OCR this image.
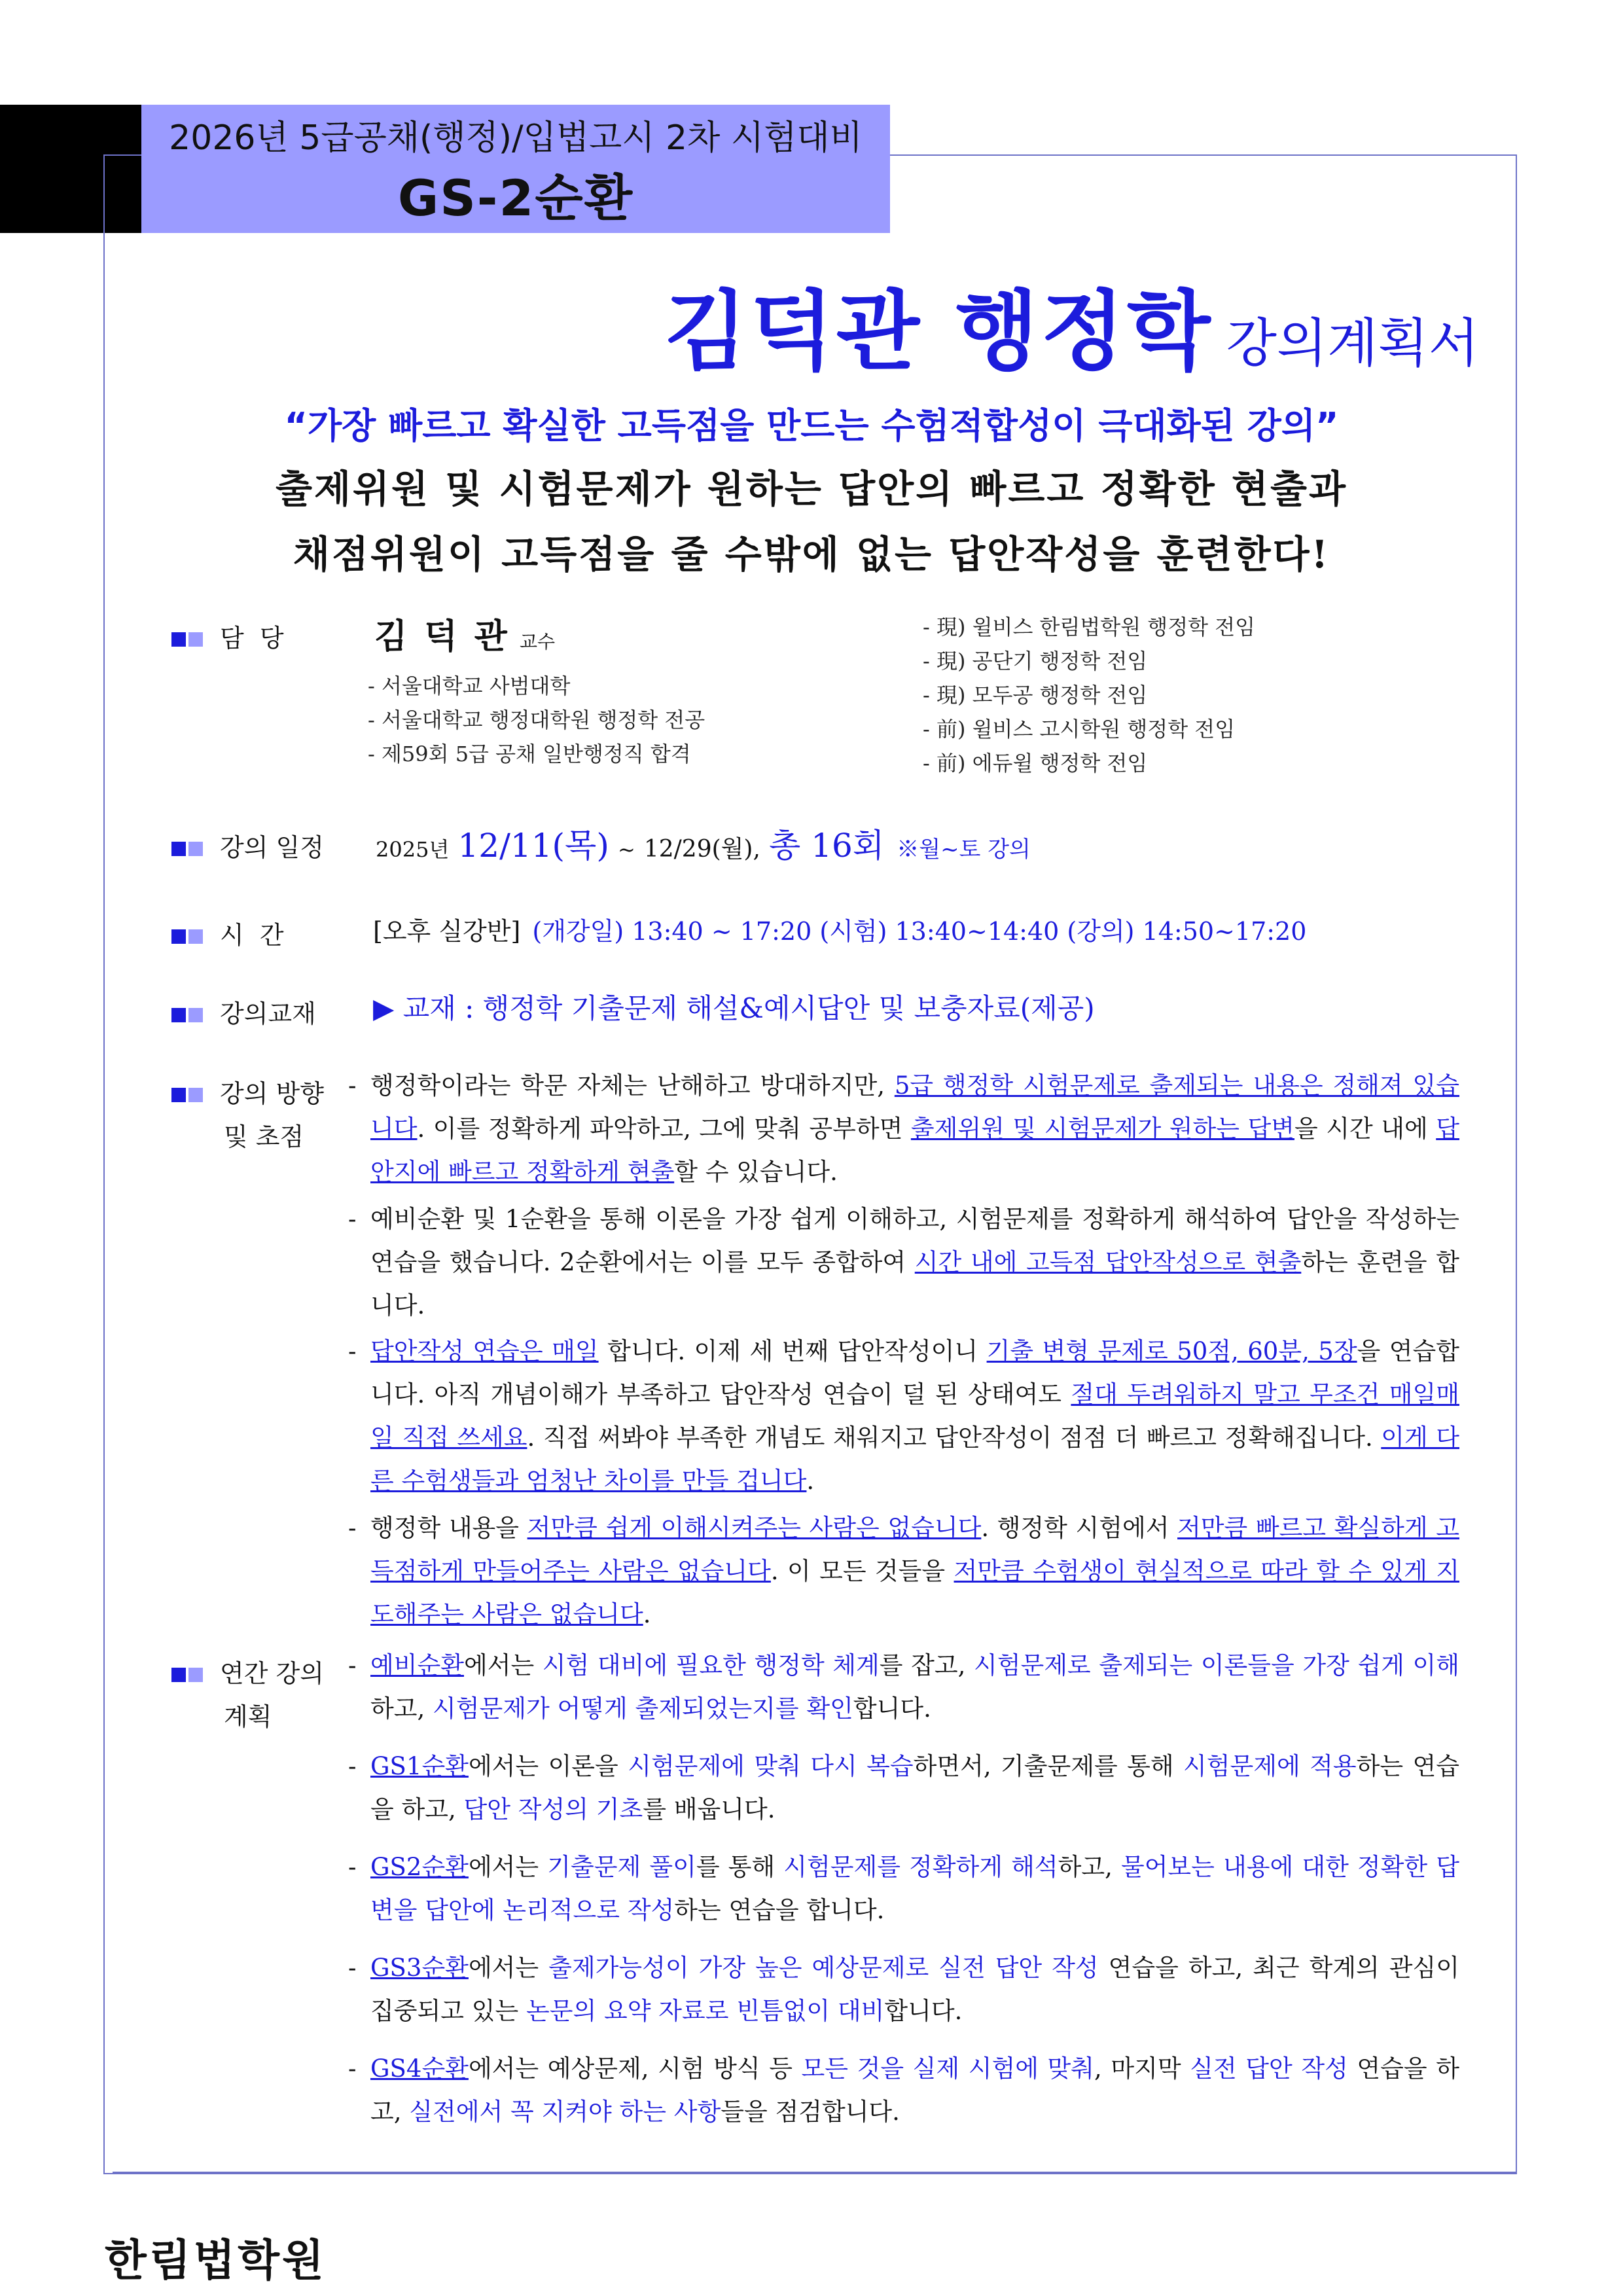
2026년 5급공채(행정)/입법고시 2차 시험대비
GS-2순환
김덕관 행정학 강의계획서
“가장 빠르고 확실한 고득점을 만드는 수험적합성이 극대화된 강의”
출제위원 및 시험문제가 원하는 답안의 빠르고 정확한 현출과
채점위원이 고득점을 줄 수밖에 없는 답안작성을 훈련한다!
담  당	김 덕 관 교수
- 서울대학교 사범대학
- 서울대학교 행정대학원 행정학 전공
- 제59회 5급 공채 일반행정직 합격
- 現) 윌비스 한림법학원 행정학 전임
- 現) 공단기 행정학 전임
- 現) 모두공 행정학 전임
- 前) 윌비스 고시학원 행정학 전임
- 前) 에듀윌 행정학 전임
강의 일정 2025년 12/11(목) ~ 12/29(월), 총 16회 ※월~토 강의
시  간	[오후 실강반] (개강일) 13:40 ~ 17:20 (시험) 13:40~14:40 (강의) 14:50~17:20
강의교재 ▶ 교재 : 행정학 기출문제 해설&예시답안 및 보충자료(제공)
강의 방향
및 초점
- 행정학이라는 학문 자체는 난해하고 방대하지만, 5급 행정학 시험문제로 출제되는 내용은 정해져 있습니다. 이를 정확하게 파악하고, 그에 맞춰 공부하면 출제위원 및 시험문제가 원하는 답변을 시간 내에 답안지에 빠르고 정확하게 현출할 수 있습니다.
- 예비순환 및 1순환을 통해 이론을 가장 쉽게 이해하고, 시험문제를 정확하게 해석하여 답안을 작성하는 연습을 했습니다. 2순환에서는 이를 모두 종합하여 시간 내에 고득점 답안작성으로 현출하는 훈련을 합니다.
- 답안작성 연습은 매일 합니다. 이제 세 번째 답안작성이니 기출 변형 문제로 50점, 60분, 5장을 연습합니다. 아직 개념이해가 부족하고 답안작성 연습이 덜 된 상태여도 절대 두려워하지 말고 무조건 매일매일 직접 쓰세요. 직접 써봐야 부족한 개념도 채워지고 답안작성이 점점 더 빠르고 정확해집니다. 이게 다른 수험생들과 엄청난 차이를 만들 겁니다.
- 행정학 내용을 저만큼 쉽게 이해시켜주는 사람은 없습니다. 행정학 시험에서 저만큼 빠르고 확실하게 고득점하게 만들어주는 사람은 없습니다. 이 모든 것들을 저만큼 수험생이 현실적으로 따라 할 수 있게 지도해주는 사람은 없습니다.
연간 강의
계획
- 예비순환에서는 시험 대비에 필요한 행정학 체계를 잡고, 시험문제로 출제되는 이론들을 가장 쉽게 이해하고, 시험문제가 어떻게 출제되었는지를 확인합니다.
- GS1순환에서는 이론을 시험문제에 맞춰 다시 복습하면서, 기출문제를 통해 시험문제에 적용하는 연습을 하고, 답안 작성의 기초를 배웁니다.
- GS2순환에서는 기출문제 풀이를 통해 시험문제를 정확하게 해석하고, 물어보는 내용에 대한 정확한 답변을 답안에 논리적으로 작성하는 연습을 합니다.
- GS3순환에서는 출제가능성이 가장 높은 예상문제로 실전 답안 작성 연습을 하고, 최근 학계의 관심이 집중되고 있는 논문의 요약 자료로 빈틈없이 대비합니다.
- GS4순환에서는 예상문제, 시험 방식 등 모든 것을 실제 시험에 맞춰, 마지막 실전 답안 작성 연습을 하고, 실전에서 꼭 지켜야 하는 사항들을 점검합니다.
한림법학원
